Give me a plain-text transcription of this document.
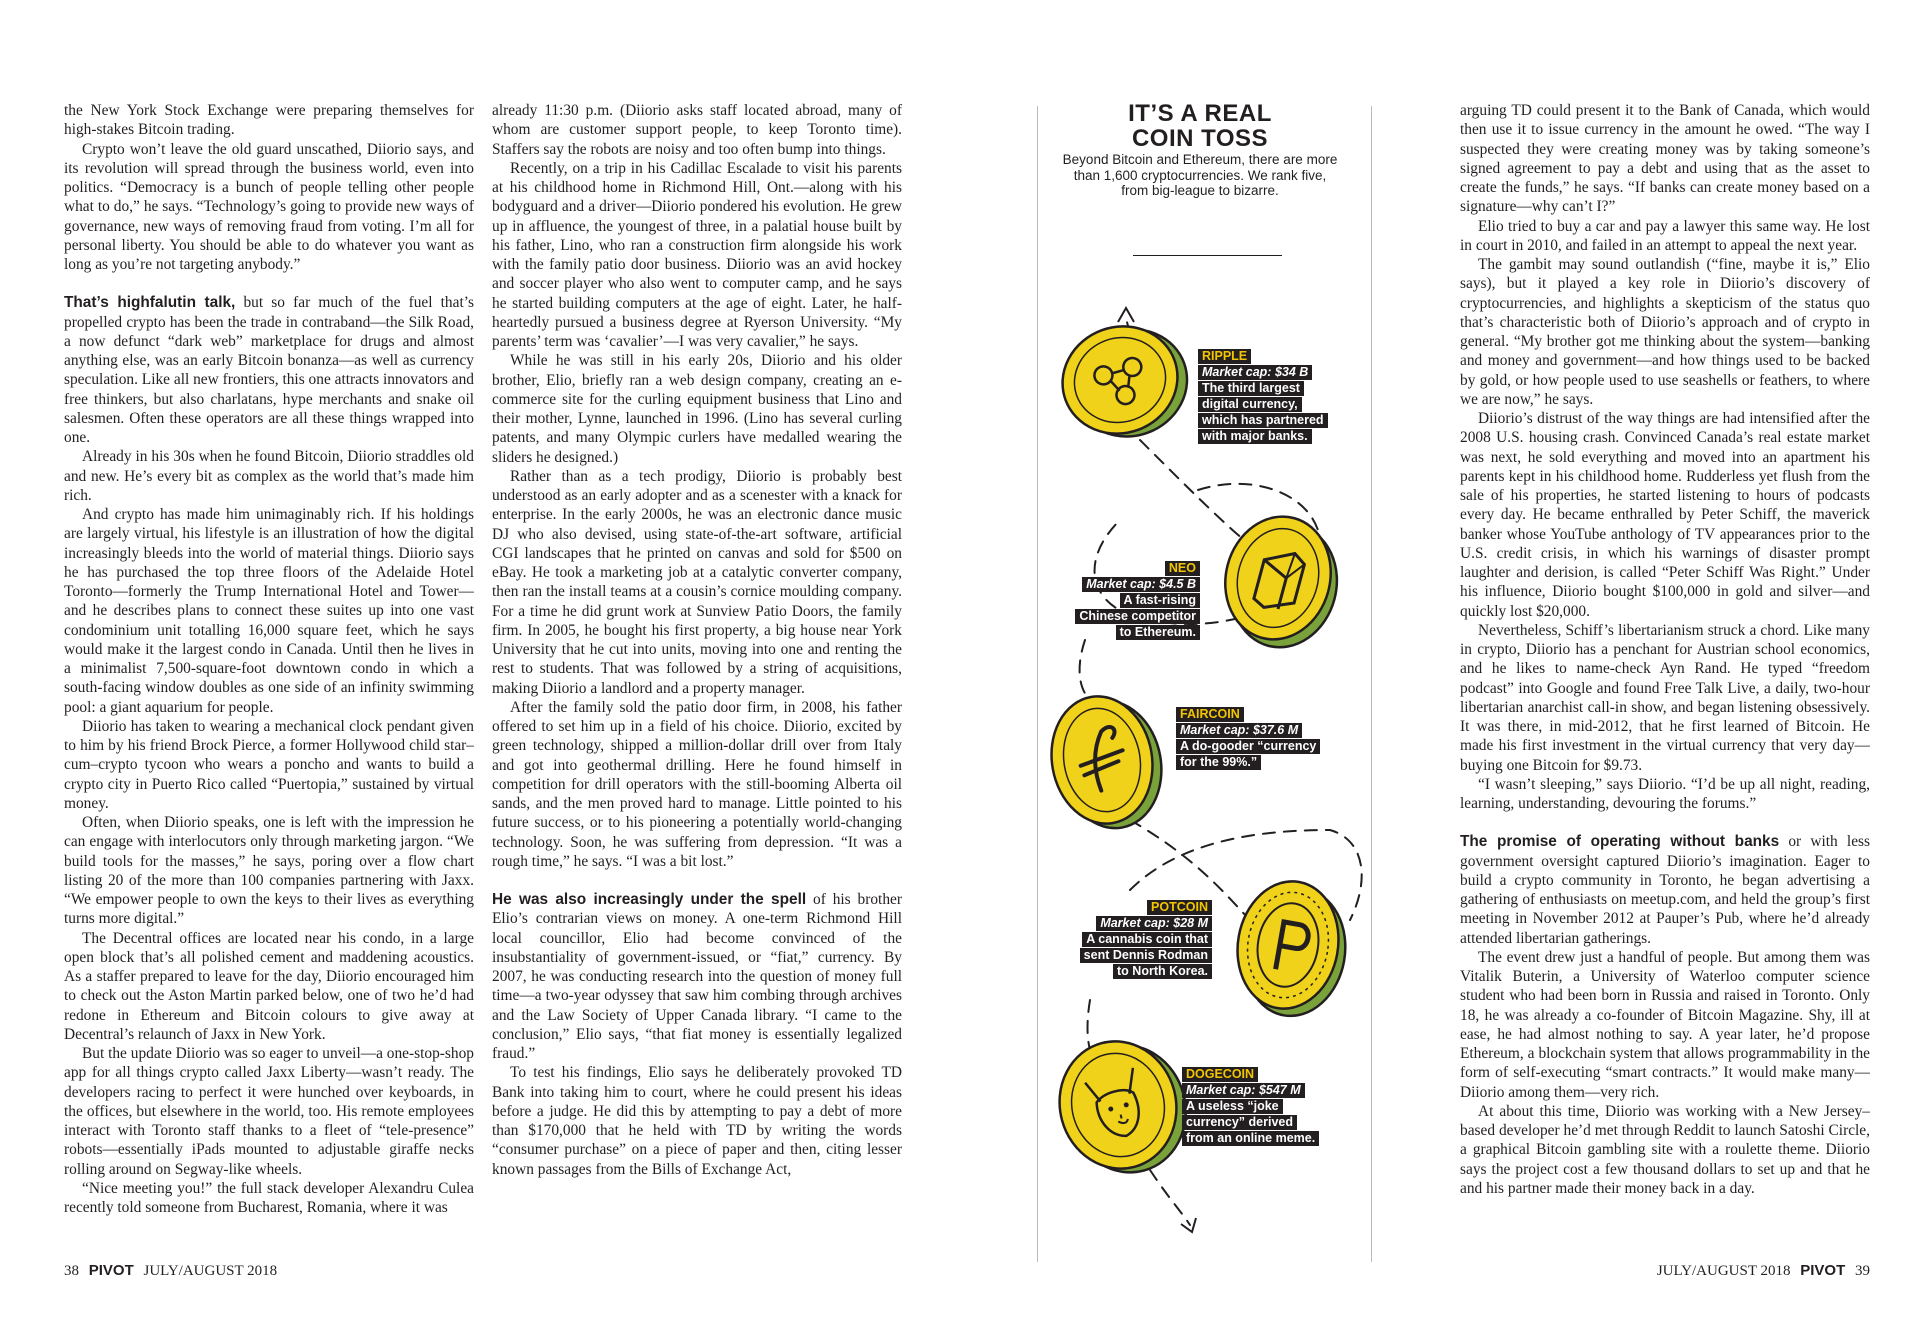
the New York Stock Exchange were preparing themselves for high-stakes Bitcoin trading.

Crypto won’t leave the old guard unscathed, Diiorio says, and its revolution will spread through the business world, even into politics. “Democracy is a bunch of people telling other people what to do,” he says. “Technology’s going to provide new ways of governance, new ways of removing fraud from voting. I’m all for personal liberty. You should be able to do whatever you want as long as you’re not targeting anybody.”

That’s highfalutin talk, but so far much of the fuel that’s propelled crypto has been the trade in contraband—the Silk Road, a now defunct “dark web” marketplace for drugs and almost anything else, was an early Bitcoin bonanza—as well as currency speculation. Like all new frontiers, this one attracts innovators and free thinkers, but also charlatans, hype merchants and snake oil salesmen. Often these operators are all these things wrapped into one.

Already in his 30s when he found Bitcoin, Diiorio straddles old and new. He’s every bit as complex as the world that’s made him rich.

And crypto has made him unimaginably rich. If his holdings are largely virtual, his lifestyle is an illustration of how the digital increasingly bleeds into the world of material things. Diiorio says he has purchased the top three floors of the Adelaide Hotel Toronto—formerly the Trump International Hotel and Tower—and he describes plans to connect these suites up into one vast condominium unit totalling 16,000 square feet, which he says would make it the largest condo in Canada. Until then he lives in a minimalist 7,500-square-foot downtown condo in which a south-facing window doubles as one side of an infinity swimming pool: a giant aquarium for people.

Diiorio has taken to wearing a mechanical clock pendant given to him by his friend Brock Pierce, a former Hollywood child star–cum–crypto tycoon who wears a poncho and wants to build a crypto city in Puerto Rico called “Puertopia,” sustained by virtual money.

Often, when Diiorio speaks, one is left with the impression he can engage with interlocutors only through marketing jargon. “We build tools for the masses,” he says, poring over a flow chart listing 20 of the more than 100 companies partnering with Jaxx. “We empower people to own the keys to their lives as everything turns more digital.”

The Decentral offices are located near his condo, in a large open block that’s all polished cement and maddening acoustics. As a staffer prepared to leave for the day, Diiorio encouraged him to check out the Aston Martin parked below, one of two he’d had redone in Ethereum and Bitcoin colours to give away at Decentral’s relaunch of Jaxx in New York.

But the update Diiorio was so eager to unveil—a one-stop-shop app for all things crypto called Jaxx Liberty—wasn’t ready. The developers racing to perfect it were hunched over keyboards, in the offices, but elsewhere in the world, too. His remote employees interact with Toronto staff thanks to a fleet of “tele-presence” robots—essentially iPads mounted to adjustable giraffe necks rolling around on Segway-like wheels.

“Nice meeting you!” the full stack developer Alexandru Culea recently told someone from Bucharest, Romania, where it was

already 11:30 p.m. (Diiorio asks staff located abroad, many of whom are customer support people, to keep Toronto time). Staffers say the robots are noisy and too often bump into things.

Recently, on a trip in his Cadillac Escalade to visit his parents at his childhood home in Richmond Hill, Ont.—along with his bodyguard and a driver—Diiorio pondered his evolution. He grew up in affluence, the youngest of three, in a palatial house built by his father, Lino, who ran a construction firm alongside his work with the family patio door business. Diiorio was an avid hockey and soccer player who also went to computer camp, and he says he started building computers at the age of eight. Later, he half-heartedly pursued a business degree at Ryerson University. “My parents’ term was ‘cavalier’—I was very cavalier,” he says.

While he was still in his early 20s, Diiorio and his older brother, Elio, briefly ran a web design company, creating an e-commerce site for the curling equipment business that Lino and their mother, Lynne, launched in 1996. (Lino has several curling patents, and many Olympic curlers have medalled wearing the sliders he designed.)

Rather than as a tech prodigy, Diiorio is probably best understood as an early adopter and as a scenester with a knack for enterprise. In the early 2000s, he was an electronic dance music DJ who also devised, using state-of-the-art software, artificial CGI landscapes that he printed on canvas and sold for $500 on eBay. He took a marketing job at a catalytic converter company, then ran the install teams at a cousin’s cornice moulding company. For a time he did grunt work at Sunview Patio Doors, the family firm. In 2005, he bought his first property, a big house near York University that he cut into units, moving into one and renting the rest to students. That was followed by a string of acquisitions, making Diiorio a landlord and a property manager.

After the family sold the patio door firm, in 2008, his father offered to set him up in a field of his choice. Diiorio, excited by green technology, shipped a million-dollar drill over from Italy and got into geothermal drilling. Here he found himself in competition for drill operators with the still-booming Alberta oil sands, and the men proved hard to manage. Little pointed to his future success, or to his pioneering a potentially world-changing technology. Soon, he was suffering from depression. “It was a rough time,” he says. “I was a bit lost.”

He was also increasingly under the spell of his brother Elio’s contrarian views on money. A one-term Richmond Hill local councillor, Elio had become convinced of the insubstantiality of government-issued, or “fiat,” currency. By 2007, he was conducting research into the question of money full time—a two-year odyssey that saw him combing through archives and the Law Society of Upper Canada library. “I came to the conclusion,” Elio says, “that fiat money is essentially legalized fraud.”

To test his findings, Elio says he deliberately provoked TD Bank into taking him to court, where he could present his ideas before a judge. He did this by attempting to pay a debt of more than $170,000 that he held with TD by writing the words “consumer purchase” on a piece of paper and then, citing lesser known passages from the Bills of Exchange Act,

arguing TD could present it to the Bank of Canada, which would then use it to issue currency in the amount he owed. “The way I suspected they were creating money was by taking someone’s signed agreement to pay a debt and using that as the asset to create the funds,” he says. “If banks can create money based on a signature—why can’t I?”

Elio tried to buy a car and pay a lawyer this same way. He lost in court in 2010, and failed in an attempt to appeal the next year.

The gambit may sound outlandish (“fine, maybe it is,” Elio says), but it played a key role in Diiorio’s discovery of cryptocurrencies, and highlights a skepticism of the status quo that’s characteristic both of Diiorio’s approach and of crypto in general. “My brother got me thinking about the system—banking and money and government—and how things used to be backed by gold, or how people used to use seashells or feathers, to where we are now,” he says.

Diiorio’s distrust of the way things are had intensified after the 2008 U.S. housing crash. Convinced Canada’s real estate market was next, he sold everything and moved into an apartment his parents kept in his childhood home. Rudderless yet flush from the sale of his properties, he started listening to hours of podcasts every day. He became enthralled by Peter Schiff, the maverick banker whose YouTube anthology of TV appearances prior to the U.S. credit crisis, in which his warnings of disaster prompt laughter and derision, is called “Peter Schiff Was Right.” Under his influence, Diiorio bought $100,000 in gold and silver—and quickly lost $20,000.

Nevertheless, Schiff’s libertarianism struck a chord. Like many in crypto, Diiorio has a penchant for Austrian school economics, and he likes to name-check Ayn Rand. He typed “freedom podcast” into Google and found Free Talk Live, a daily, two-hour libertarian anarchist call-in show, and began listening obsessively. It was there, in mid-2012, that he first learned of Bitcoin. He made his first investment in the virtual currency that very day—buying one Bitcoin for $9.73.

“I wasn’t sleeping,” says Diiorio. “I’d be up all night, reading, learning, understanding, devouring the forums.”

The promise of operating without banks or with less government oversight captured Diiorio’s imagination. Eager to build a crypto community in Toronto, he began advertising a gathering of enthusiasts on meetup.com, and held the group’s first meeting in November 2012 at Pauper’s Pub, where he’d already attended libertarian gatherings.

The event drew just a handful of people. But among them was Vitalik Buterin, a University of Waterloo computer science student who had been born in Russia and raised in Toronto. Only 18, he was already a co-founder of Bitcoin Magazine. Shy, ill at ease, he had almost nothing to say. A year later, he’d propose Ethereum, a blockchain system that allows programmability in the form of self-executing “smart contracts.” It would make many—Diiorio among them—very rich.

At about this time, Diiorio was working with a New Jersey–based developer he’d met through Reddit to launch Satoshi Circle, a graphical Bitcoin gambling site with a roulette theme. Diiorio says the project cost a few thousand dollars to set up and that he and his partner made their money back in a day.

IT’S A REAL
COIN TOSS
Beyond Bitcoin and Ethereum, there are more than 1,600 cryptocurrencies. We rank five, from big-league to bizarre.
RIPPLE
Market cap: $34 B
The third largest
digital currency,
which has partnered
with major banks.
NEO
Market cap: $4.5 B
A fast-rising
Chinese competitor
to Ethereum.
FAIRCOIN
Market cap: $37.6 M
A do-gooder “currency
for the 99%.”
POTCOIN
Market cap: $28 M
A cannabis coin that
sent Dennis Rodman
to North Korea.
DOGECOIN
Market cap: $547 M
A useless “joke
currency” derived
from an online meme.
38 PIVOT JULY/AUGUST 2018	JULY/AUGUST 2018 PIVOT 39
